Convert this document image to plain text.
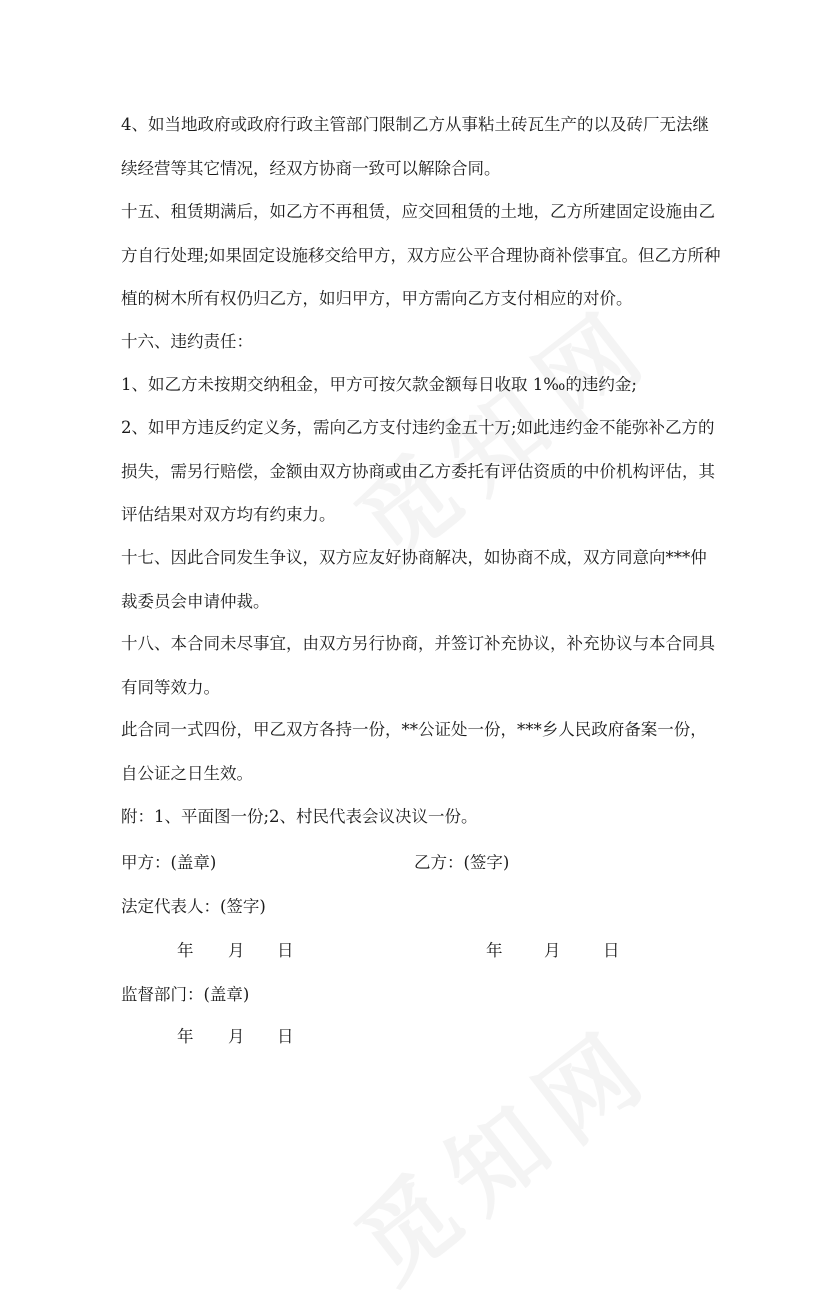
4、如当地政府或政府行政主管部门限制乙方从事粘土砖瓦生产的以及砖厂无法继续经营等其它情况，经双方协商一致可以解除合同。

十五、租赁期满后，如乙方不再租赁，应交回租赁的土地，乙方所建固定设施由乙方自行处理;如果固定设施移交给甲方，双方应公平合理协商补偿事宜。但乙方所种植的树木所有权仍归乙方，如归甲方，甲方需向乙方支付相应的对价。

十六、违约责任：

1、如乙方未按期交纳租金，甲方可按欠款金额每日收取 1‰的违约金;

2、如甲方违反约定义务，需向乙方支付违约金五十万;如此违约金不能弥补乙方的损失，需另行赔偿，金额由双方协商或由乙方委托有评估资质的中价机构评估，其评估结果对双方均有约束力。

十七、因此合同发生争议，双方应友好协商解决，如协商不成，双方同意向***仲裁委员会申请仲裁。

十八、本合同未尽事宜，由双方另行协商，并签订补充协议，补充协议与本合同具有同等效力。

此合同一式四份，甲乙双方各持一份，**公证处一份，***乡人民政府备案一份，自公证之日生效。

附：1、平面图一份;2、村民代表会议决议一份。

甲方：(盖章)	乙方：(签字)
法定代表人：(签字)
年 月 日	年	月	日
监督部门：(盖章)
年 月 日
